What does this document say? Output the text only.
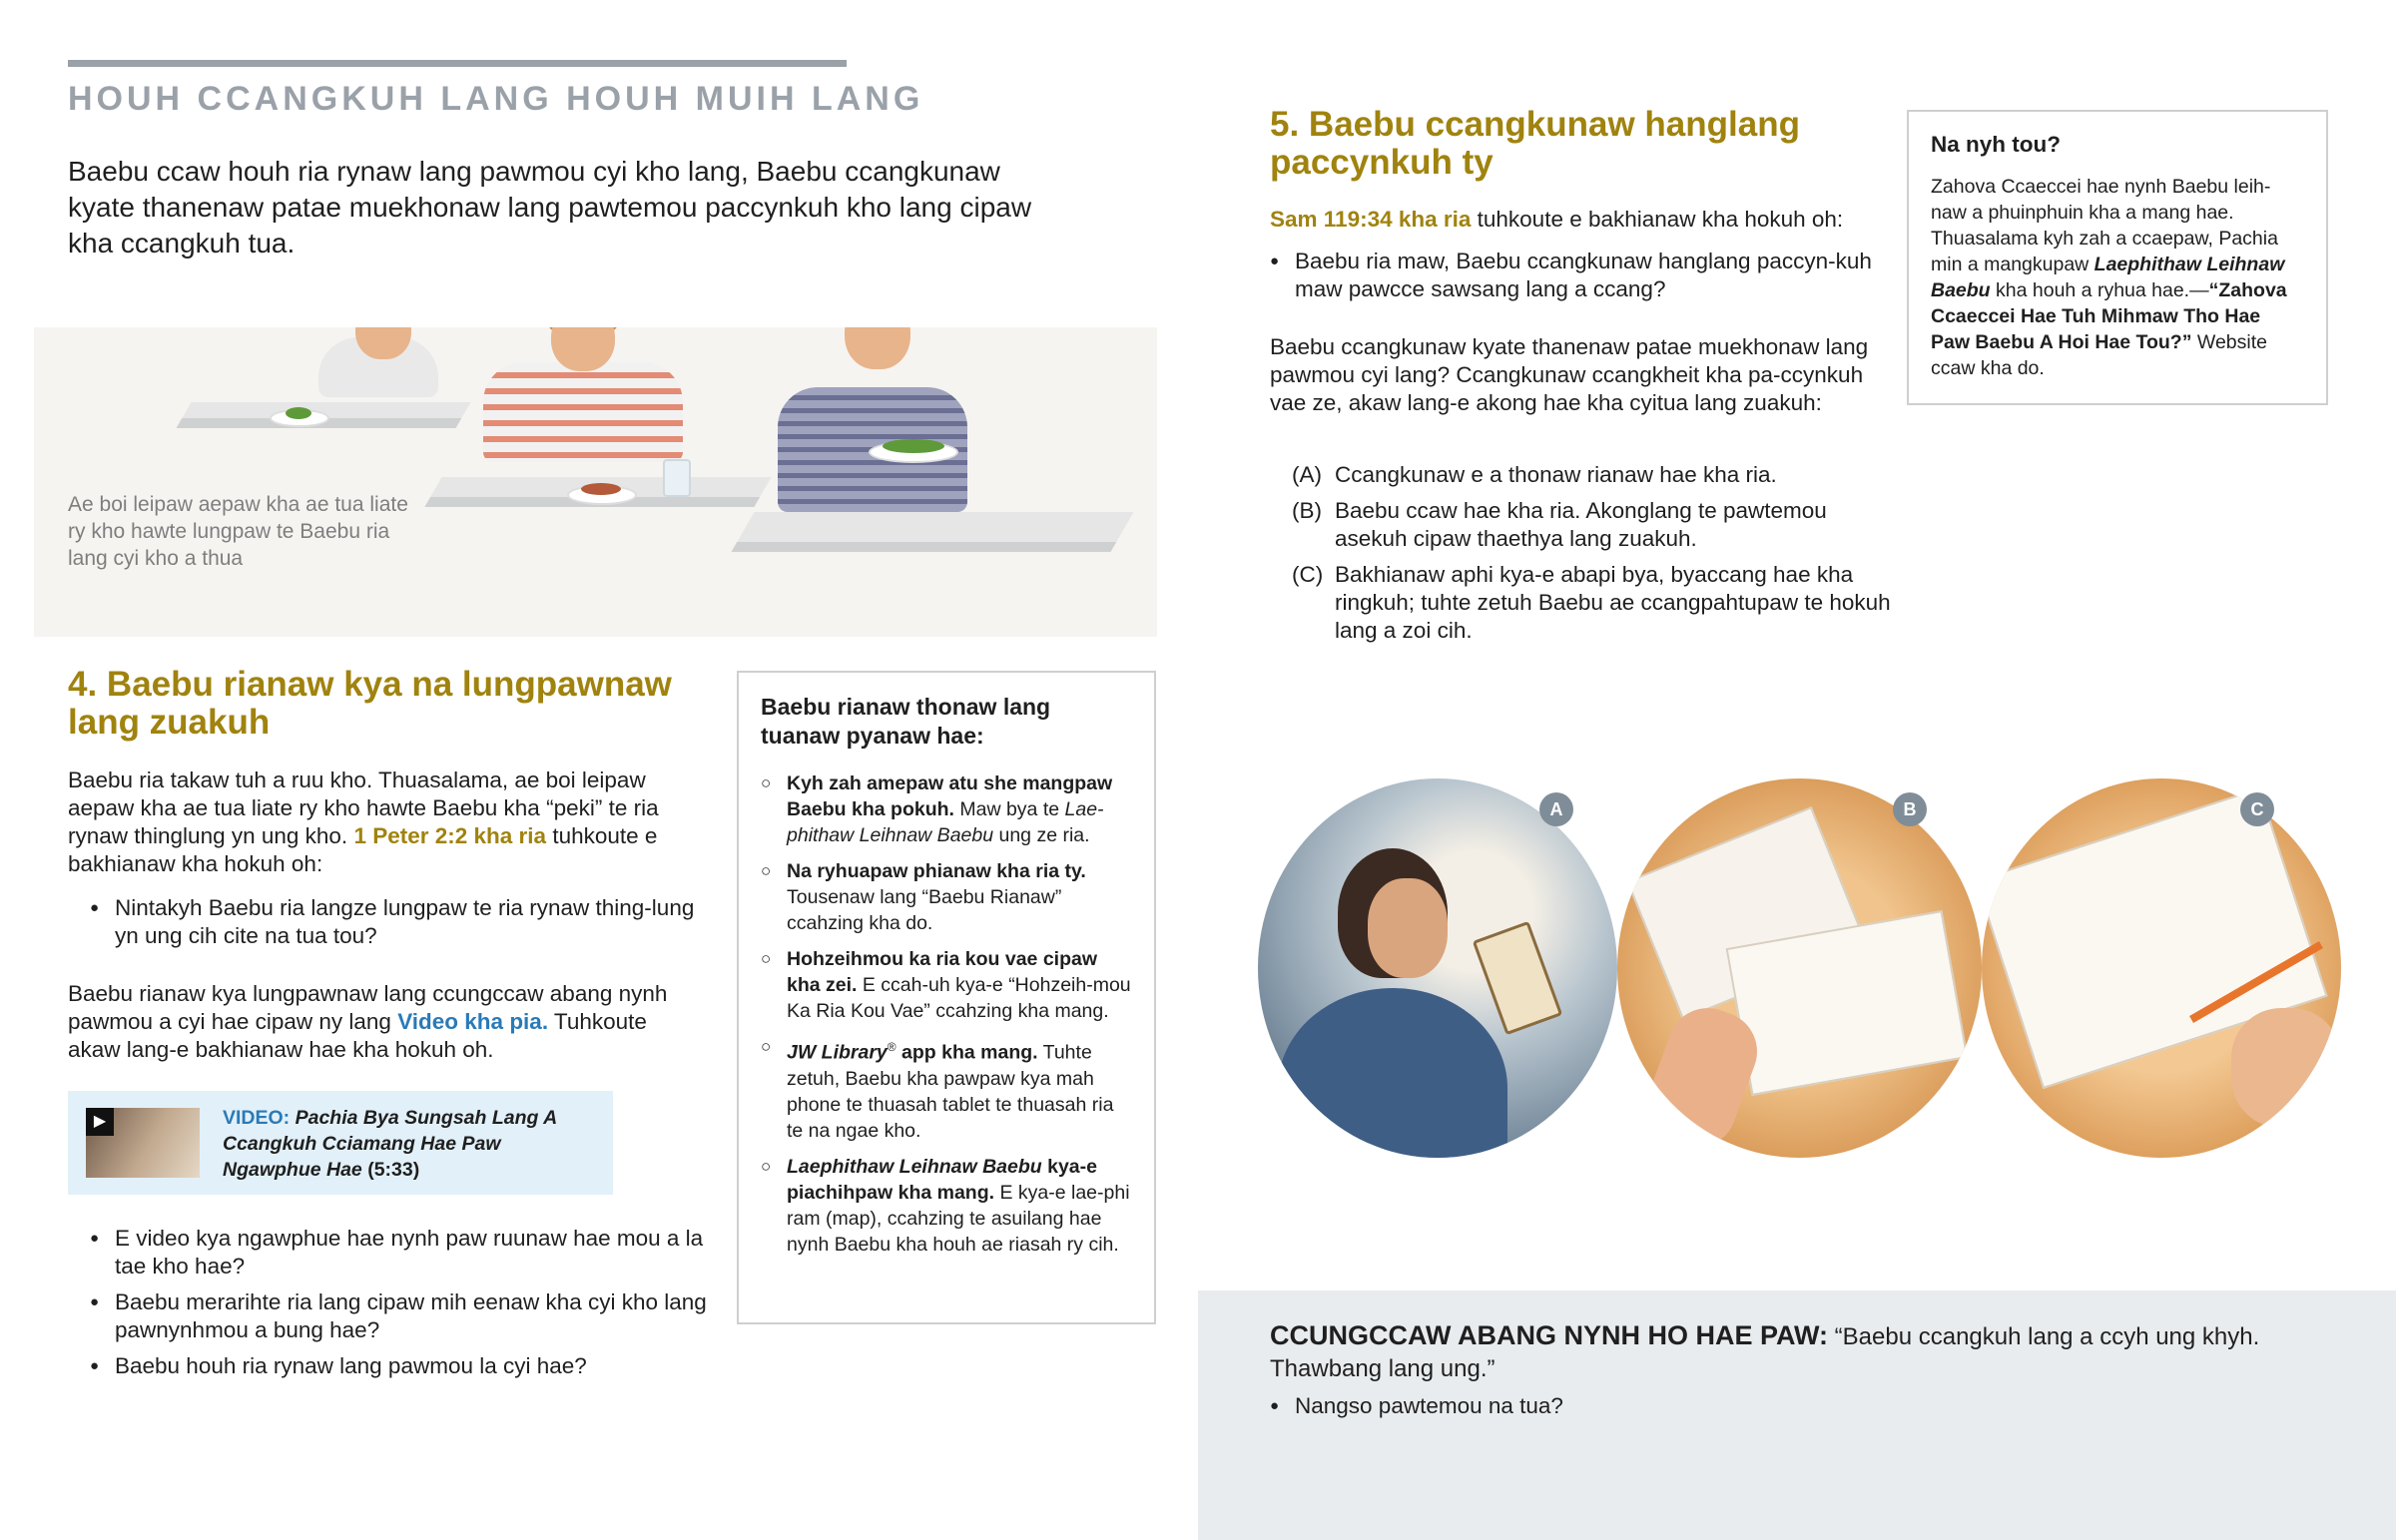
HOUH CCANGKUH LANG HOUH MUIH LANG
Baebu ccaw houh ria rynaw lang pawmou cyi kho lang, Baebu ccangkunaw kyate thanenaw patae muekhonaw lang pawtemou paccynkuh kho lang cipaw kha ccangkuh tua.
Ae boi leipaw aepaw kha ae tua liate ry kho hawte lungpaw te Baebu ria lang cyi kho a thua
4. Baebu rianaw kya na lungpawnaw lang zuakuh
Baebu ria takaw tuh a ruu kho. Thuasalama, ae boi leipaw aepaw kha ae tua liate ry kho hawte Baebu kha “peki” te ria rynaw thinglung yn ung kho. 1 Peter 2:2 kha ria tuhkoute e bakhianaw kha hokuh oh:
● Nintakyh Baebu ria langze lungpaw te ria rynaw thing-lung yn ung cih cite na tua tou?
Baebu rianaw kya lungpawnaw lang ccungccaw abang nynh pawmou a cyi hae cipaw ny lang Video kha pia. Tuhkoute akaw lang-e bakhianaw hae kha hokuh oh.
▶	VIDEO: Pachia Bya Sungsah Lang A Ccangkuh Cciamang Hae Paw Ngawphue Hae (5:33)
● E video kya ngawphue hae nynh paw ruunaw hae mou a la tae kho hae?
● Baebu merarihte ria lang cipaw mih eenaw kha cyi kho lang pawnynhmou a bung hae?
● Baebu houh ria rynaw lang pawmou la cyi hae?
Baebu rianaw thonaw lang tuanaw pyanaw hae:
○ Kyh zah amepaw atu she mangpaw Baebu kha pokuh. Maw bya te Lae-phithaw Leihnaw Baebu ung ze ria.
○ Na ryhuapaw phianaw kha ria ty. Tousenaw lang “Baebu Rianaw” ccahzing kha do.
○ Hohzeihmou ka ria kou vae cipaw kha zei. E ccah-uh kya-e “Hohzeih-mou Ka Ria Kou Vae” ccahzing kha mang.
○ JW Library® app kha mang. Tuhte zetuh, Baebu kha pawpaw kya mah phone te thuasah tablet te thuasah ria te na ngae kho.
○ Laephithaw Leihnaw Baebu kya-e piachihpaw kha mang. E kya-e lae-phi ram (map), ccahzing te asuilang hae nynh Baebu kha houh ae riasah ry cih.
5. Baebu ccangkunaw hanglang paccynkuh ty
Sam 119:34 kha ria tuhkoute e bakhianaw kha hokuh oh:
● Baebu ria maw, Baebu ccangkunaw hanglang paccyn-kuh maw pawcce sawsang lang a ccang?
Baebu ccangkunaw kyate thanenaw patae muekhonaw lang pawmou cyi lang? Ccangkunaw ccangkheit kha pa-ccynkuh vae ze, akaw lang-e akong hae kha cyitua lang zuakuh:
(A) Ccangkunaw e a thonaw rianaw hae kha ria.
(B) Baebu ccaw hae kha ria. Akonglang te pawtemou asekuh cipaw thaethya lang zuakuh.
(C) Bakhianaw aphi kya-e abapi bya, byaccang hae kha ringkuh; tuhte zetuh Baebu ae ccangpahtupaw te hokuh lang a zoi cih.
Na nyh tou?
Zahova Ccaeccei hae nynh Baebu leih-naw a phuinphuin kha a mang hae. Thuasalama kyh zah a ccaepaw, Pachia min a mangkupaw Laephithaw Leihnaw Baebu kha houh a ryhua hae.—“Zahova Ccaeccei Hae Tuh Mihmaw Tho Hae Paw Baebu A Hoi Hae Tou?” Website ccaw kha do.
A	B	C
CCUNGCCAW ABANG NYNH HO HAE PAW: “Baebu ccangkuh lang a ccyh ung khyh. Thawbang lang ung.”
● Nangso pawtemou na tua?
